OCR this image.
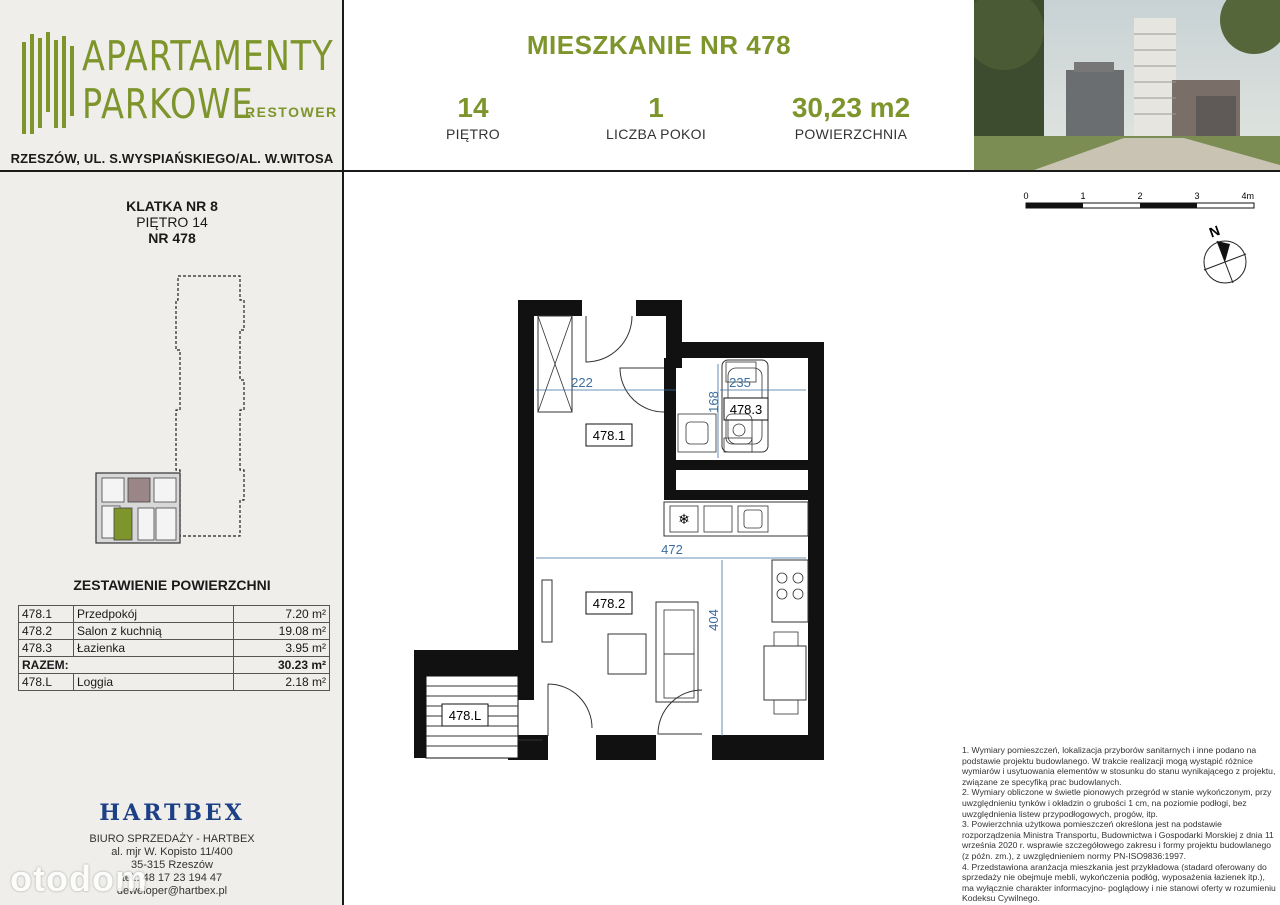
APARTAMENTY
PARKOWE
RESTOWER
RZESZÓW, UL. S.WYSPIAŃSKIEGO/AL. W.WITOSA
KLATKA NR 8
PIĘTRO 14
NR 478
ZESTAWIENIE POWIERZCHNI
478.1	Przedpokój	7.20 m²
478.2	Salon z kuchnią	19.08 m²
478.3	Łazienka	3.95 m²
RAZEM:		30.23 m²
478.L	Loggia	2.18 m²
HARTBEX
BIURO SPRZEDAŻY - HARTBEX
al. mjr W. Kopisto 11/400
35-315 Rzeszów
tel.: 48 17 23 194 47
deweloper@hartbex.pl
otodom
MIESZKANIE NR 478
14
PIĘTRO
1
LICZBA POKOI
30,23 m2
POWIERZCHNIA
0	1	2	3	4m
N
478.L
478.3
❄
478.1
478.2
222	235
168
472
404
1. Wymiary pomieszczeń, lokalizacja przyborów sanitarnych i inne podano na podstawie projektu budowlanego. W trakcie realizacji mogą wystąpić różnice wymiarów i usytuowania elementów w stosunku do stanu wynikającego z projektu, związane ze specyfiką prac budowlanych.
2. Wymiary obliczone w świetle pionowych przegród w stanie wykończonym, przy uwzględnieniu tynków i okładzin o grubości 1 cm, na poziomie podłogi, bez uwzględnienia listew przypodłogowych, progów, itp.
3. Powierzchnia użytkowa pomieszczeń określona jest na podstawie rozporządzenia Ministra Transportu, Budownictwa i Gospodarki Morskiej z dnia 11 września 2020 r. wsprawie szczegółowego zakresu i formy projektu budowlanego (z późn. zm.), z uwzględnieniem normy PN-ISO9836:1997.
4. Przedstawiona aranżacja mieszkania jest przykładowa (stadard oferowany do sprzedaży nie obejmuje mebli, wykończenia podłóg, wyposażenia łazienek itp.), ma wyłącznie charakter informacyjno- poglądowy i nie stanowi oferty w rozumieniu Kodeksu Cywilnego.
